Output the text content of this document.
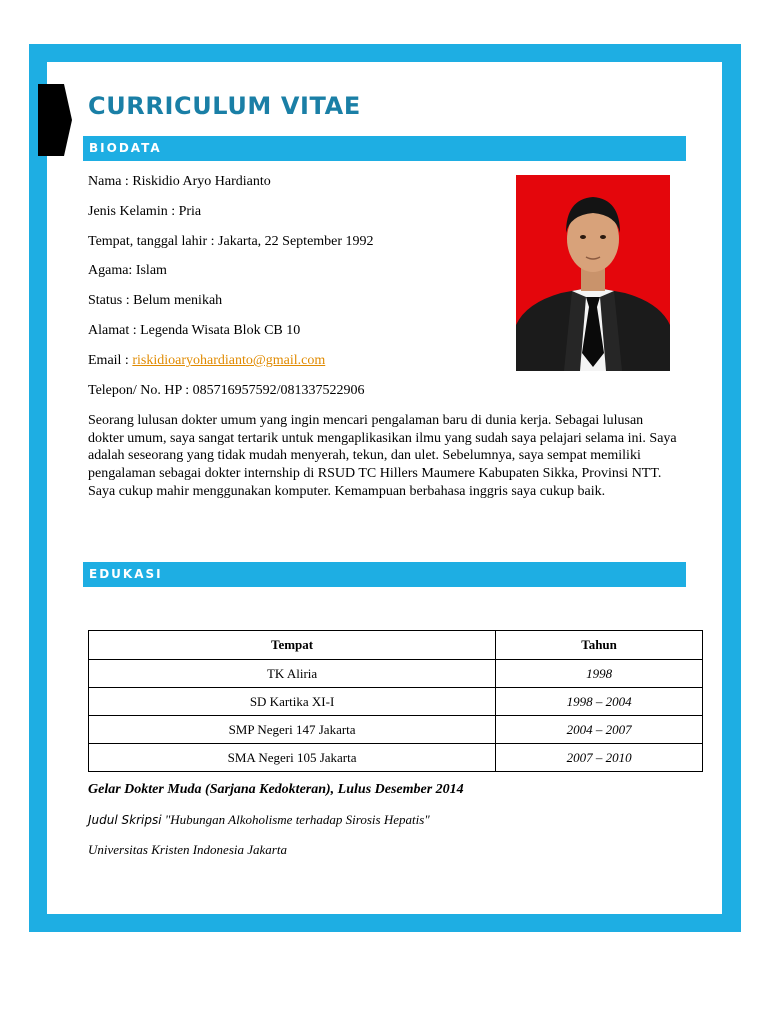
CURRICULUM VITAE
BIODATA
Nama : Riskidio Aryo Hardianto
Jenis Kelamin : Pria
Tempat, tanggal lahir : Jakarta, 22 September 1992
Agama: Islam
Status : Belum menikah
Alamat : Legenda Wisata Blok CB 10
Email : riskidioaryohardianto@gmail.com
Telepon/ No. HP : 085716957592/081337522906
Seorang lulusan dokter umum yang ingin mencari pengalaman baru di dunia kerja. Sebagai lulusan dokter umum, saya sangat tertarik untuk mengaplikasikan ilmu yang sudah saya pelajari selama ini. Saya adalah seseorang yang tidak mudah menyerah, tekun, dan ulet. Sebelumnya, saya sempat memiliki pengalaman sebagai dokter internship di RSUD TC Hillers Maumere Kabupaten Sikka, Provinsi NTT. Saya cukup mahir menggunakan komputer. Kemampuan berbahasa inggris saya cukup baik.
EDUKASI
Tempat	Tahun
TK Aliria	1998
SD Kartika XI-I	1998 – 2004
SMP Negeri 147 Jakarta	2004 – 2007
SMA Negeri 105 Jakarta	2007 – 2010
Gelar Dokter Muda (Sarjana Kedokteran), Lulus Desember 2014
Judul Skripsi "Hubungan Alkoholisme terhadap Sirosis Hepatis"
Universitas Kristen Indonesia Jakarta
